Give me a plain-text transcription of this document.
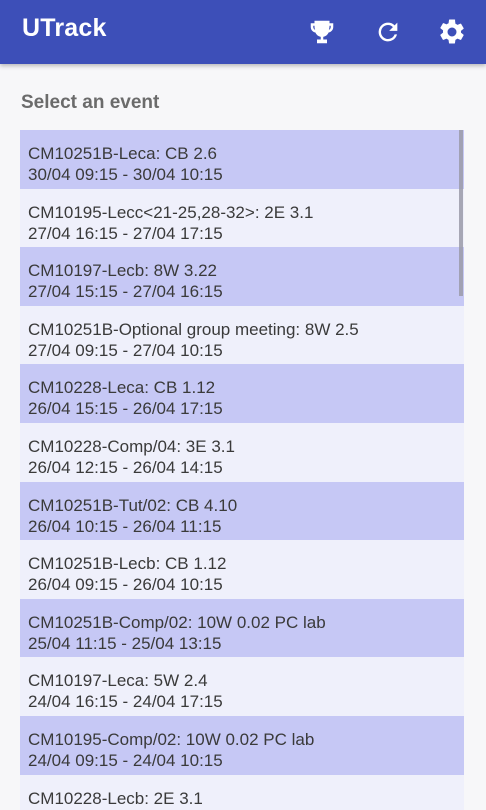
UTrack
Select an event
CM10251B-Leca: CB 2.6
30/04 09:15 - 30/04 10:15
CM10195-Lecc<21-25,28-32>: 2E 3.1
27/04 16:15 - 27/04 17:15
CM10197-Lecb: 8W 3.22
27/04 15:15 - 27/04 16:15
CM10251B-Optional group meeting: 8W 2.5
27/04 09:15 - 27/04 10:15
CM10228-Leca: CB 1.12
26/04 15:15 - 26/04 17:15
CM10228-Comp/04: 3E 3.1
26/04 12:15 - 26/04 14:15
CM10251B-Tut/02: CB 4.10
26/04 10:15 - 26/04 11:15
CM10251B-Lecb: CB 1.12
26/04 09:15 - 26/04 10:15
CM10251B-Comp/02: 10W 0.02 PC lab
25/04 11:15 - 25/04 13:15
CM10197-Leca: 5W 2.4
24/04 16:15 - 24/04 17:15
CM10195-Comp/02: 10W 0.02 PC lab
24/04 09:15 - 24/04 10:15
CM10228-Lecb: 2E 3.1
